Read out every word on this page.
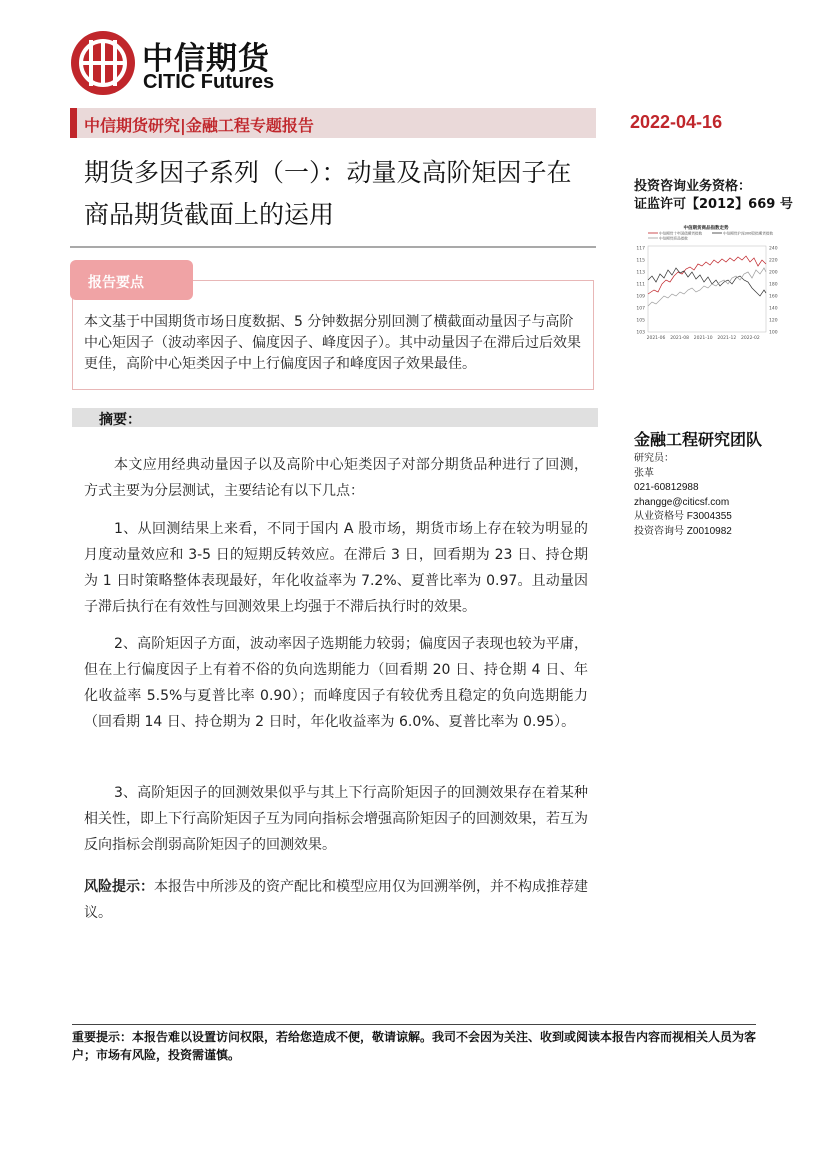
中信期货
CITIC Futures
中信期货研究|金融工程专题报告	2022-04-16
期货多因子系列（一）：动量及高阶矩因子在商品期货截面上的运用
投资咨询业务资格：
证监许可【2012】669 号
中信期货商品指数走势
中信期货十年国债期货指数	中信期货沪深300股指期货指数
中信期货商品指数
117
115
113
111
109
107
105
103
240
220
200
180
160
140
120
100
2021-06 2021-08 2021-10 2021-12 2022-02
报告要点
本文基于中国期货市场日度数据、5 分钟数据分别回测了横截面动量因子与高阶中心矩因子（波动率因子、偏度因子、峰度因子）。其中动量因子在滞后过后效果更佳，高阶中心矩类因子中上行偏度因子和峰度因子效果最佳。
摘要：
本文应用经典动量因子以及高阶中心矩类因子对部分期货品种进行了回测，方式主要为分层测试，主要结论有以下几点：
1、从回测结果上来看，不同于国内 A 股市场，期货市场上存在较为明显的月度动量效应和 3-5 日的短期反转效应。在滞后 3 日，回看期为 23 日、持仓期为 1 日时策略整体表现最好，年化收益率为 7.2%、夏普比率为 0.97。且动量因子滞后执行在有效性与回测效果上均强于不滞后执行时的效果。
2、高阶矩因子方面，波动率因子选期能力较弱；偏度因子表现也较为平庸，但在上行偏度因子上有着不俗的负向选期能力（回看期 20 日、持仓期 4 日、年化收益率 5.5%与夏普比率 0.90）；而峰度因子有较优秀且稳定的负向选期能力（回看期 14 日、持仓期为 2 日时，年化收益率为 6.0%、夏普比率为 0.95）。
3、高阶矩因子的回测效果似乎与其上下行高阶矩因子的回测效果存在着某种相关性，即上下行高阶矩因子互为同向指标会增强高阶矩因子的回测效果，若互为反向指标会削弱高阶矩因子的回测效果。
风险提示：本报告中所涉及的资产配比和模型应用仅为回溯举例，并不构成推荐建议。
金融工程研究团队
研究员：
张革
021-60812988
zhangge@citicsf.com
从业资格号 F3004355
投资咨询号 Z0010982
重要提示：本报告难以设置访问权限，若给您造成不便，敬请谅解。我司不会因为关注、收到或阅读本报告内容而视相关人员为客户；市场有风险，投资需谨慎。
